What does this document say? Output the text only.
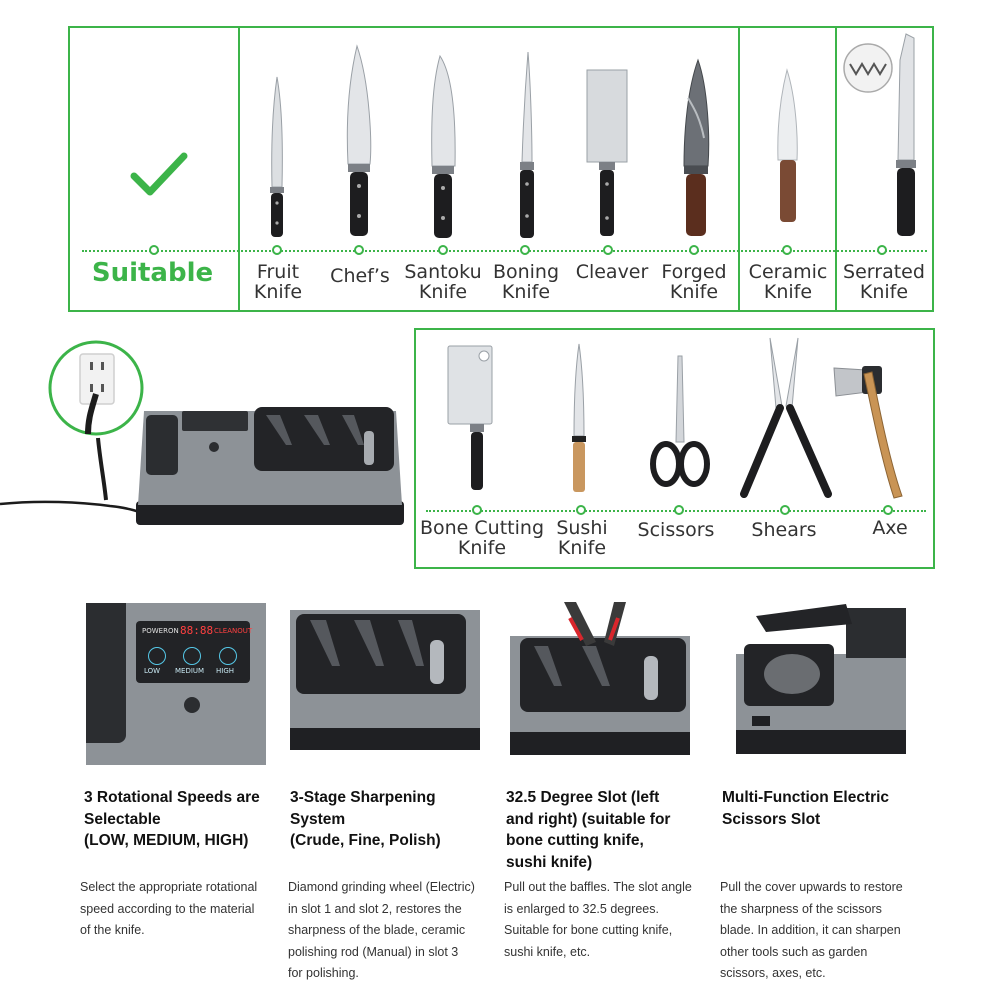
Suitable	Fruit
Knife
Chef’s Santoku
Knife
Boning
Knife
Cleaver Forged
Knife
Ceramic
Knife
Serrated
Knife
Bone Cutting
Knife
Sushi
Knife
Scissors	Shears	Axe
POWERON 88:88 CLEANOUT
LOW MEDIUM HIGH
3 Rotational Speeds are
Selectable
(LOW, MEDIUM, HIGH)
3-Stage Sharpening
System
(Crude, Fine, Polish)
32.5 Degree Slot (left
and right) (suitable for
bone cutting knife,
sushi knife)
Multi-Function Electric
Scissors Slot
Select the appropriate rotational
speed according to the material
of the knife.
Diamond grinding wheel (Electric)
in slot 1 and slot 2, restores the
sharpness of the blade, ceramic
polishing rod (Manual) in slot 3
for polishing.
Pull out the baffles. The slot angle
is enlarged to 32.5 degrees.
Suitable for bone cutting knife,
sushi knife, etc.
Pull the cover upwards to restore
the sharpness of the scissors
blade. In addition, it can sharpen
other tools such as garden
scissors, axes, etc.
